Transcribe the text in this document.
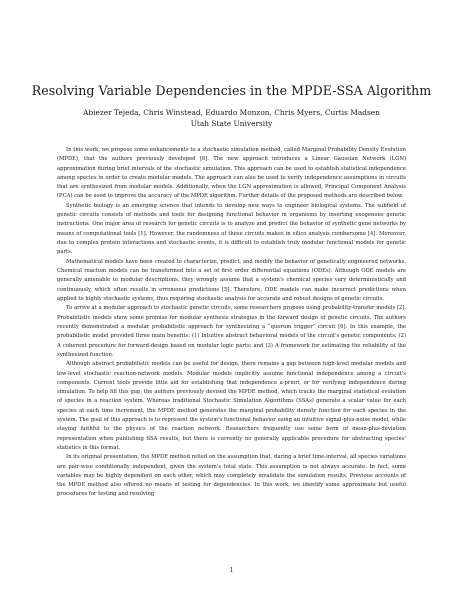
Resolving Variable Dependencies in the MPDE-SSA Algorithm
Abiezer Tejeda, Chris Winstead, Eduardo Monzon, Chris Myers, Curtis Madsen
Utah State University

In this work, we propose some enhancements to a stochastic simulation method, called Marginal Probability Density Evolution (MPDE), that the authors previously developed [8]. The new approach introduces a Linear Gaussian Network (LGN) approximation during brief intervals of the stochastic simulation. This approach can be used to establish statistical independence among species in order to create modular models. The approach can also be used to verify independence assumptions in circuits that are synthesized from modular models. Additionally, when the LGN approximation is allowed, Principal Component Analysis (PCA) can be used to improve the accuracy of the MPDE algorithm. Further details of the proposed methods are described below.

Synthetic biology is an emerging science that intends to develop new ways to engineer biological systems. The subfield of genetic circuits consists of methods and tools for designing functional behavior in organisms by inserting exogenous genetic instructions. One major area of research for genetic circuits is to analyze and predict the behavior of synthetic gene networks by means of computational tools [1]. However, the randomness of these circuits makes in silico analysis cumbersome [4]. Moreover, due to complex protein interactions and stochastic events, it is difficult to establish truly modular functional models for genetic parts.

Mathematical models have been created to characterize, predict, and modify the behavior of genetically engineered networks. Chemical reaction models can be transformed into a set of first order differential equations (ODEs). Although ODE models are generally amenable to modular descriptions, they wrongly assume that a system's chemical species vary deterministically and continuously, which often results in erroneous predictions [5]. Therefore, ODE models can make incorrect predictions when applied to highly stochastic systems, thus requiring stochastic analysis for accurate and robust designs of genetic circuits.

To arrive at a modular approach to stochastic genetic circuits, some researchers propose using probability-transfer models [2]. Probabilistic models show some promise for modular synthesis strategies in the forward design of genetic circuits. The authors recently demonstrated a modular probabilistic approach for synthesizing a “quorum trigger” circuit [6]. In this example, the probabilistic model provided three main benefits: (1) Intuitive abstract behavioral models of the circuit's genetic components; (2) A coherent procedure for forward-design based on modular logic parts; and (3) A framework for estimating the reliability of the synthesized function.

Although abstract probabilistic models can be useful for design, there remains a gap between high-level modular models and low-level stochastic reaction-network models. Modular models implicitly assume functional independence among a circuit's components. Current tools provide little aid for establishing that independence a-priori, or for verifying independence during simulation. To help fill this gap, the authors previously devised the MPDE method, which tracks the marginal statistical evolution of species in a reaction system. Whereas traditional Stochastic Simulation Algorithms (SSAs) generate a scalar value for each species at each time increment, the MPDE method generates the marginal probability density function for each species in the system. The goal of this approach is to represent the system's functional behavior using an intuitive signal-plus-noise model, while staying faithful to the physics of the reaction network. Researchers frequently use some form of mean-plus-deviation representation when publishing SSA results, but there is currently no generally applicable procedure for abstracting species' statistics in this format.

In its original presentation, the MPDE method relied on the assumption that, during a brief time-interval, all species variations are pair-wise conditionally independent, given the system's total state. This assumption is not always accurate. In fact, some variables may be highly dependent on each other, which may completely invalidate the simulation results. Previous accounts of the MPDE method also offered no means of testing for dependencies. In this work, we identify some approximate but useful procedures for testing and resolving

1
